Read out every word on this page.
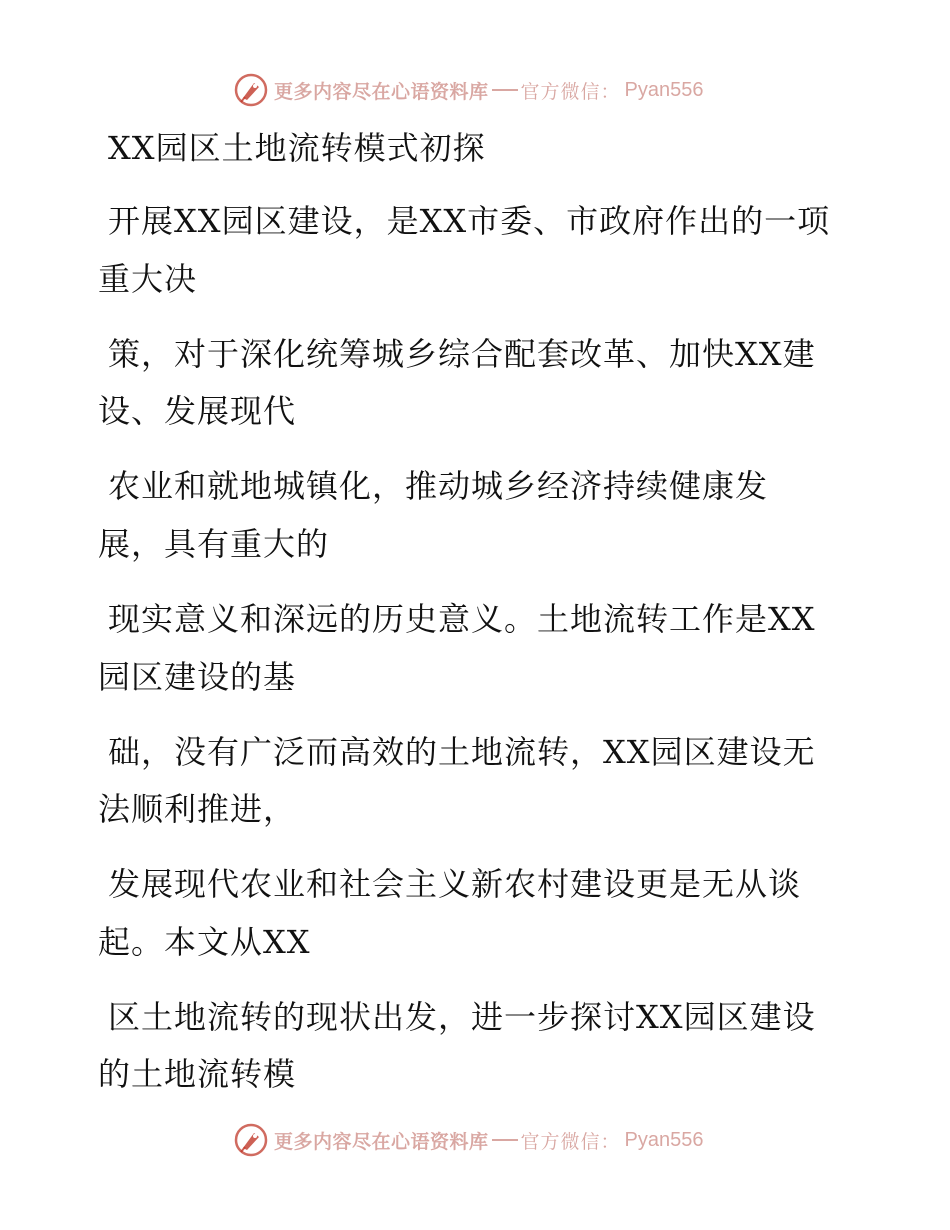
更多内容尽在心语资料库 官方微信： Pyan556
XX园区土地流转模式初探
开展XX园区建设，是XX市委、市政府作出的一项
重大决
策，对于深化统筹城乡综合配套改革、加快XX建
设、发展现代
农业和就地城镇化，推动城乡经济持续健康发
展，具有重大的
现实意义和深远的历史意义。土地流转工作是XX
园区建设的基
础，没有广泛而高效的土地流转，XX园区建设无
法顺利推进，
发展现代农业和社会主义新农村建设更是无从谈
起。本文从XX
区土地流转的现状出发，进一步探讨XX园区建设
的土地流转模
更多内容尽在心语资料库 官方微信： Pyan556
